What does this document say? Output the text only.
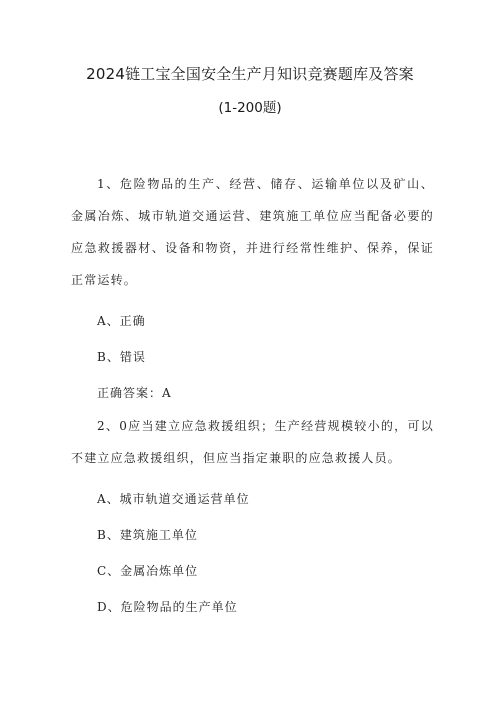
2024链工宝全国安全生产月知识竞赛题库及答案
(1-200题)

1、危险物品的生产、经营、储存、运输单位以及矿山、金属冶炼、城市轨道交通运营、建筑施工单位应当配备必要的应急救援器材、设备和物资，并进行经常性维护、保养，保证正常运转。

A、正确

B、错误

正确答案：A

2、0应当建立应急救援组织；生产经营规模较小的，可以不建立应急救援组织，但应当指定兼职的应急救援人员。

A、城市轨道交通运营单位

B、建筑施工单位

C、金属冶炼单位

D、危险物品的生产单位
